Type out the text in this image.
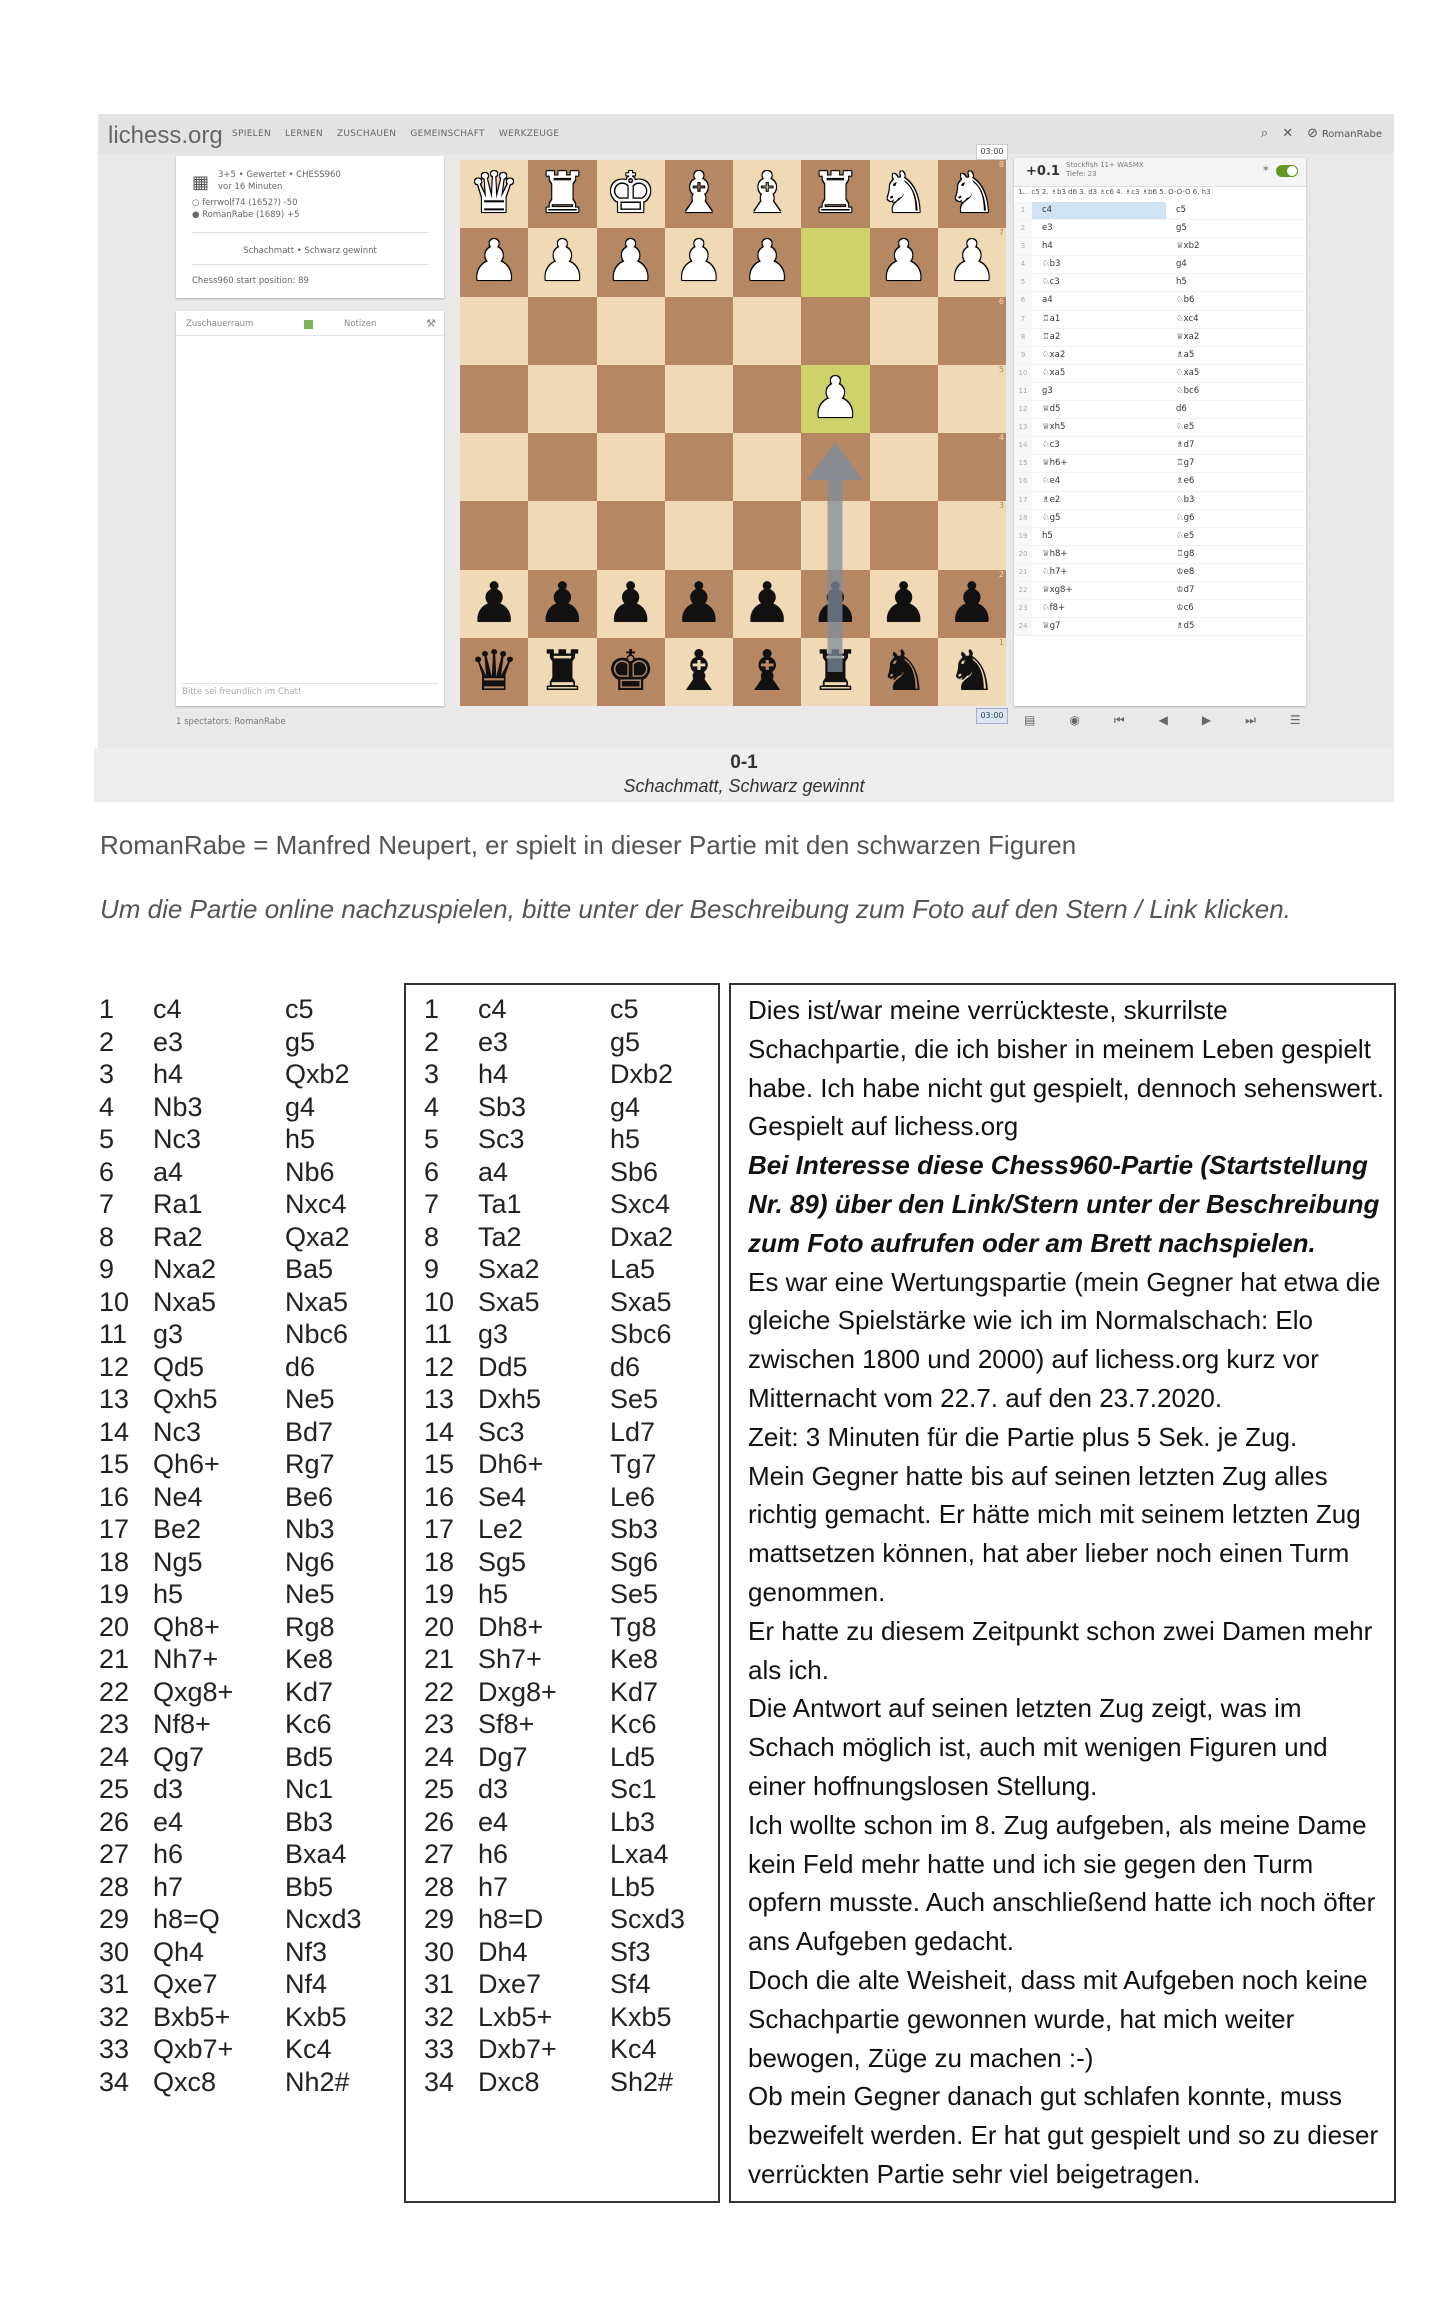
lichess.org SPIELEN LERNEN ZUSCHAUEN GEMEINSCHAFT WERKZEUGE	⌕ ✕ ⊘ RomanRabe
▦ 3+5 • Gewertet • CHESS960
vor 16 Minuten
○ ferrwolf74 (1652?) -50
● RomanRabe (1689) +5
Schachmatt • Schwarz gewinnt
Chess960 start position: 89
Zuschauerraum	Notizen	⚒
Bitte sei freundlich im Chat!
1 spectators: RomanRabe
♛ ♜ ♚ ♝ ♝ ♜ ♞ ♞ 8
♟ ♟ ♟ ♟ ♟ ♟ ♟ 7
6
♟	5
4
3
♟ ♟ ♟ ♟ ♟ ♟ ♟ ♟ 2
♛ ♜ ♚ ♝ ♝ ♜ ♞ ♞ 1
03:00
03:00
+0.1 Stockfish 11+ WASMX
Tiefe: 23	✶
1... c5 2. ♗b3 d6 3. d3 ♗c6 4. ♗c3 ♗b6 5. O-O-O 6. h3
1	c4	c5
2	e3	g5
3	h4	♕xb2
4	♘b3	g4
5	♘c3	h5
6	a4	♘b6
7	♖a1	♘xc4
8	♖a2	♕xa2
9	♘xa2	♗a5
10	♘xa5	♘xa5
11	g3	♘bc6
12	♕d5	d6
13	♕xh5	♘e5
14	♘c3	♗d7
15	♕h6+	♖g7
16	♘e4	♗e6
17	♗e2	♘b3
18	♘g5	♘g6
19	h5	♘e5
20	♕h8+	♖g8
21	♘h7+	♔e8
22	♕xg8+	♔d7
23	♘f8+	♔c6
24	♕g7	♗d5
▤	◉	⏮	◀	▶	⏭	☰
0-1
Schachmatt, Schwarz gewinnt
RomanRabe = Manfred Neupert, er spielt in dieser Partie mit den schwarzen Figuren
Um die Partie online nachzuspielen, bitte unter der Beschreibung zum Foto auf den Stern / Link klicken.
1	c4	c5
2	e3	g5
3	h4	Qxb2
4	Nb3	g4
5	Nc3	h5
6	a4	Nb6
7	Ra1	Nxc4
8	Ra2	Qxa2
9	Nxa2	Ba5
10 Nxa5	Nxa5
11 g3	Nbc6
12 Qd5	d6
13 Qxh5	Ne5
14 Nc3	Bd7
15 Qh6+	Rg7
16 Ne4	Be6
17 Be2	Nb3
18 Ng5	Ng6
19 h5	Ne5
20 Qh8+	Rg8
21 Nh7+	Ke8
22 Qxg8+	Kd7
23 Nf8+	Kc6
24 Qg7	Bd5
25 d3	Nc1
26 e4	Bb3
27 h6	Bxa4
28 h7	Bb5
29 h8=Q	Ncxd3
30 Qh4	Nf3
31 Qxe7	Nf4
32 Bxb5+	Kxb5
33 Qxb7+	Kc4
34 Qxc8	Nh2#
1	c4	c5
2	e3	g5
3	h4	Dxb2
4	Sb3	g4
5	Sc3	h5
6	a4	Sb6
7	Ta1	Sxc4
8	Ta2	Dxa2
9	Sxa2	La5
10 Sxa5	Sxa5
11 g3	Sbc6
12 Dd5	d6
13 Dxh5	Se5
14 Sc3	Ld7
15 Dh6+	Tg7
16 Se4	Le6
17 Le2	Sb3
18 Sg5	Sg6
19 h5	Se5
20 Dh8+	Tg8
21 Sh7+	Ke8
22 Dxg8+	Kd7
23 Sf8+	Kc6
24 Dg7	Ld5
25 d3	Sc1
26 e4	Lb3
27 h6	Lxa4
28 h7	Lb5
29 h8=D	Scxd3
30 Dh4	Sf3
31 Dxe7	Sf4
32 Lxb5+	Kxb5
33 Dxb7+	Kc4
34 Dxc8	Sh2#

Dies ist/war meine verrückteste, skurrilste Schachpartie, die ich bisher in meinem Leben gespielt habe. Ich habe nicht gut gespielt, dennoch sehenswert. Gespielt auf lichess.org

Bei Interesse diese Chess960-Partie (Startstellung Nr. 89) über den Link/Stern unter der Beschreibung zum Foto aufrufen oder am Brett nachspielen.

Es war eine Wertungspartie (mein Gegner hat etwa die gleiche Spielstärke wie ich im Normalschach: Elo zwischen 1800 und 2000) auf lichess.org kurz vor Mitternacht vom 22.7. auf den 23.7.2020.

Zeit: 3 Minuten für die Partie plus 5 Sek. je Zug.

Mein Gegner hatte bis auf seinen letzten Zug alles richtig gemacht. Er hätte mich mit seinem letzten Zug mattsetzen können, hat aber lieber noch einen Turm genommen.

Er hatte zu diesem Zeitpunkt schon zwei Damen mehr als ich.

Die Antwort auf seinen letzten Zug zeigt, was im Schach möglich ist, auch mit wenigen Figuren und einer hoffnungslosen Stellung.

Ich wollte schon im 8. Zug aufgeben, als meine Dame kein Feld mehr hatte und ich sie gegen den Turm opfern musste. Auch anschließend hatte ich noch öfter ans Aufgeben gedacht.

Doch die alte Weisheit, dass mit Aufgeben noch keine Schachpartie gewonnen wurde, hat mich weiter bewogen, Züge zu machen :-)

Ob mein Gegner danach gut schlafen konnte, muss bezweifelt werden. Er hat gut gespielt und so zu dieser verrückten Partie sehr viel beigetragen.
